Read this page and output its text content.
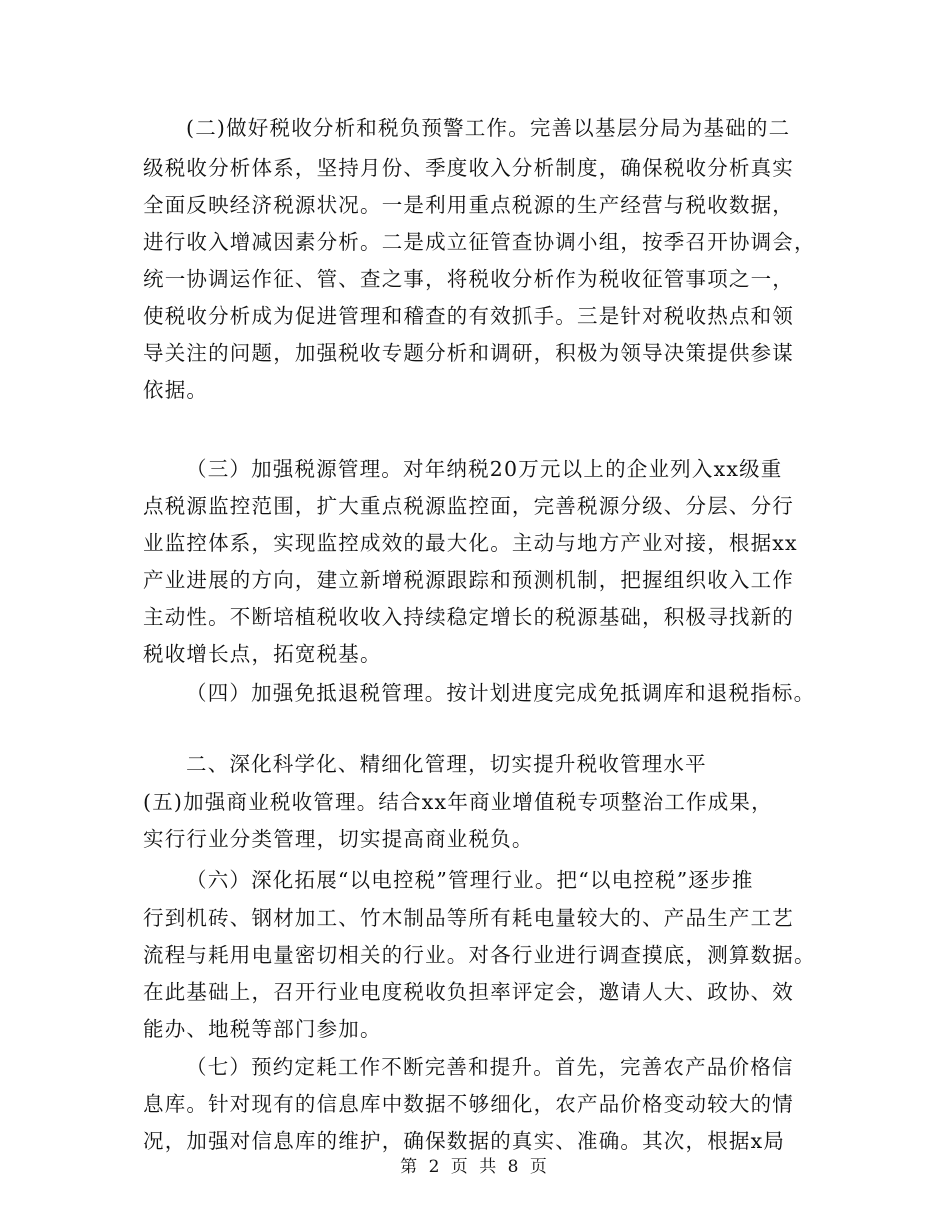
(二)做好税收分析和税负预警工作。完善以基层分局为基础的二
级税收分析体系，坚持月份、季度收入分析制度，确保税收分析真实
全面反映经济税源状况。一是利用重点税源的生产经营与税收数据，
进行收入增减因素分析。二是成立征管查协调小组，按季召开协调会，
统一协调运作征、管、查之事，将税收分析作为税收征管事项之一，
使税收分析成为促进管理和稽查的有效抓手。三是针对税收热点和领
导关注的问题，加强税收专题分析和调研，积极为领导决策提供参谋
依据。
（三）加强税源管理。对年纳税20万元以上的企业列入xx级重
点税源监控范围，扩大重点税源监控面，完善税源分级、分层、分行
业监控体系，实现监控成效的最大化。主动与地方产业对接，根据xx
产业进展的方向，建立新增税源跟踪和预测机制，把握组织收入工作
主动性。不断培植税收收入持续稳定增长的税源基础，积极寻找新的
税收增长点，拓宽税基。
（四）加强免抵退税管理。按计划进度完成免抵调库和退税指标。
二、深化科学化、精细化管理，切实提升税收管理水平
(五)加强商业税收管理。结合xx年商业增值税专项整治工作成果，
实行行业分类管理，切实提高商业税负。
（六）深化拓展“以电控税”管理行业。把“以电控税”逐步推
行到机砖、钢材加工、竹木制品等所有耗电量较大的、产品生产工艺
流程与耗用电量密切相关的行业。对各行业进行调查摸底，测算数据。
在此基础上，召开行业电度税收负担率评定会，邀请人大、政协、效
能办、地税等部门参加。
（七）预约定耗工作不断完善和提升。首先，完善农产品价格信
息库。针对现有的信息库中数据不够细化，农产品价格变动较大的情
况，加强对信息库的维护，确保数据的真实、准确。其次，根据x局
第 2 页 共 8 页
